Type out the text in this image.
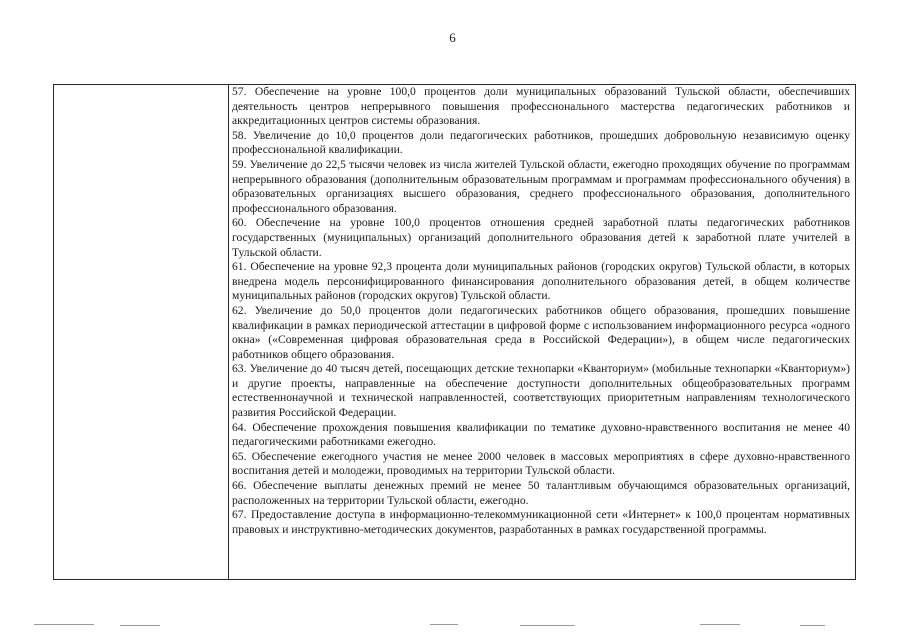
6

57. Обеспечение на уровне 100,0 процентов доли муниципальных образований Тульской области, обеспечивших деятельность центров непрерывного повышения профессионального мастерства педагогических работников и аккредитационных центров системы образования.

58. Увеличение до 10,0 процентов доли педагогических работников, прошедших добровольную независимую оценку профессиональной квалификации.

59. Увеличение до 22,5 тысячи человек из числа жителей Тульской области, ежегодно проходящих обучение по программам непрерывного образования (дополнительным образовательным программам и программам профессионального обучения) в образовательных организациях высшего образования, среднего профессионального образования, дополнительного профессионального образования.

60. Обеспечение на уровне 100,0 процентов отношения средней заработной платы педагогических работников государственных (муниципальных) организаций дополнительного образования детей к заработной плате учителей в Тульской области.

61. Обеспечение на уровне 92,3 процента доли муниципальных районов (городских округов) Тульской области, в которых внедрена модель персонифицированного финансирования дополнительного образования детей, в общем количестве муниципальных районов (городских округов) Тульской области.

62. Увеличение до 50,0 процентов доли педагогических работников общего образования, прошедших повышение квалификации в рамках периодической аттестации в цифровой форме с использованием информационного ресурса «одного окна» («Современная цифровая образовательная среда в Российской Федерации»), в общем числе педагогических работников общего образования.

63. Увеличение до 40 тысяч детей, посещающих детские технопарки «Кванториум» (мобильные технопарки «Кванториум») и другие проекты, направленные на обеспечение доступности дополнительных общеобразовательных программ естественнонаучной и технической направленностей, соответствующих приоритетным направлениям технологического развития Российской Федерации.

64. Обеспечение прохождения повышения квалификации по тематике духовно-нравственного воспитания не менее 40 педагогическими работниками ежегодно.

65. Обеспечение ежегодного участия не менее 2000 человек в массовых мероприятиях в сфере духовно-нравственного воспитания детей и молодежи, проводимых на территории Тульской области.

66. Обеспечение выплаты денежных премий не менее 50 талантливым обучающимся образовательных организаций, расположенных на территории Тульской области, ежегодно.

67. Предоставление доступа в информационно-телекоммуникационной сети «Интернет» к 100,0 процентам нормативных правовых и инструктивно-методических документов, разработанных в рамках государственной программы.
